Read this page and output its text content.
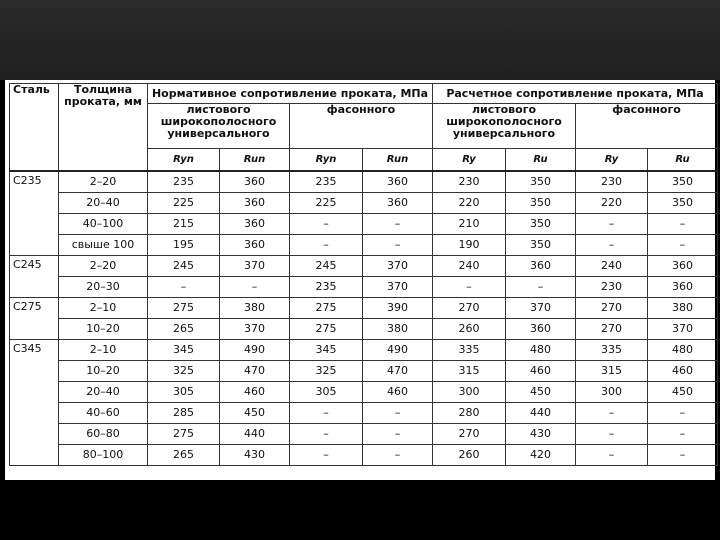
Сталь	Толщина проката, мм	Нормативное сопротивление проката, МПа				Расчетное сопротивление проката, МПа			
		листового широкополосного универсального		фасонного		листового широкополосного универсального		фасонного	
		Ryn	Run	Ryn	Run	Ry	Ru	Ry	Ru
С235	2–20	235	360	235	360	230	350	230	350
	20–40	225	360	225	360	220	350	220	350
	40–100	215	360	–	–	210	350	–	–
	свыше 100	195	360	–	–	190	350	–	–
С245	2–20	245	370	245	370	240	360	240	360
	20–30	–	–	235	370	–	–	230	360
С275	2–10	275	380	275	390	270	370	270	380
	10–20	265	370	275	380	260	360	270	370
С345	2–10	345	490	345	490	335	480	335	480
	10–20	325	470	325	470	315	460	315	460
	20–40	305	460	305	460	300	450	300	450
	40–60	285	450	–	–	280	440	–	–
	60–80	275	440	–	–	270	430	–	–
	80–100	265	430	–	–	260	420	–	–
